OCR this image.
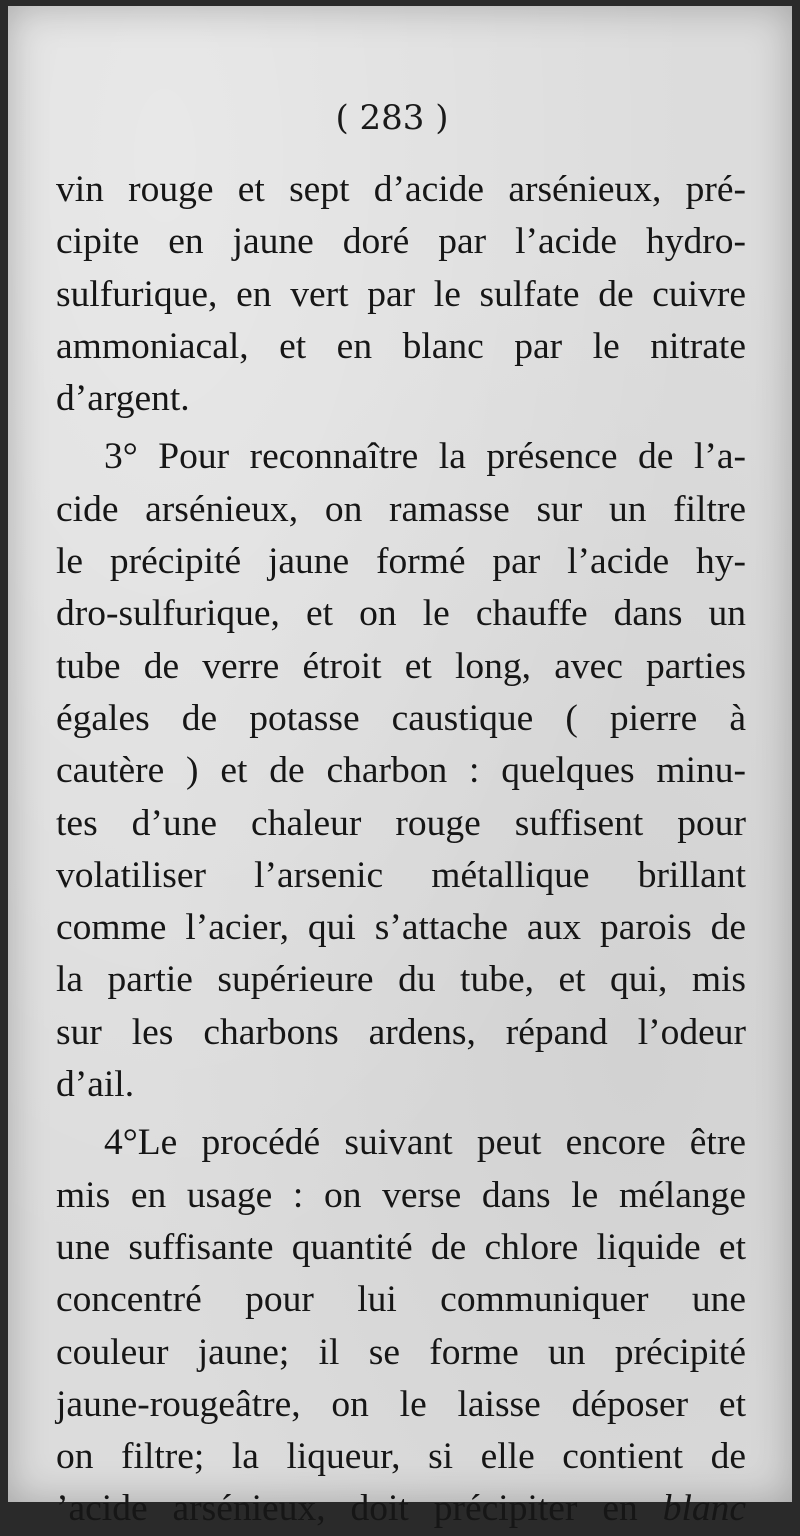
( 283 )
vin rouge et sept d’acide arsénieux, pré-
cipite en jaune doré par l’acide hydro-
sulfurique, en vert par le sulfate de cuivre
ammoniacal, et en blanc par le nitrate
d’argent.
3° Pour reconnaître la présence de l’a-
cide arsénieux, on ramasse sur un filtre
le précipité jaune formé par l’acide hy-
dro-sulfurique, et on le chauffe dans un
tube de verre étroit et long, avec parties
égales de potasse caustique ( pierre à
cautère ) et de charbon : quelques minu-
tes d’une chaleur rouge suffisent pour
volatiliser l’arsenic métallique brillant
comme l’acier, qui s’attache aux parois de
la partie supérieure du tube, et qui, mis
sur les charbons ardens, répand l’odeur
d’ail.
4°Le procédé suivant peut encore être
mis en usage : on verse dans le mélange
une suffisante quantité de chlore liquide et
concentré pour lui communiquer une
couleur jaune; il se forme un précipité
jaune-rougeâtre, on le laisse déposer et
on filtre; la liqueur, si elle contient de
’acide arsénieux, doit précipiter en blanc
